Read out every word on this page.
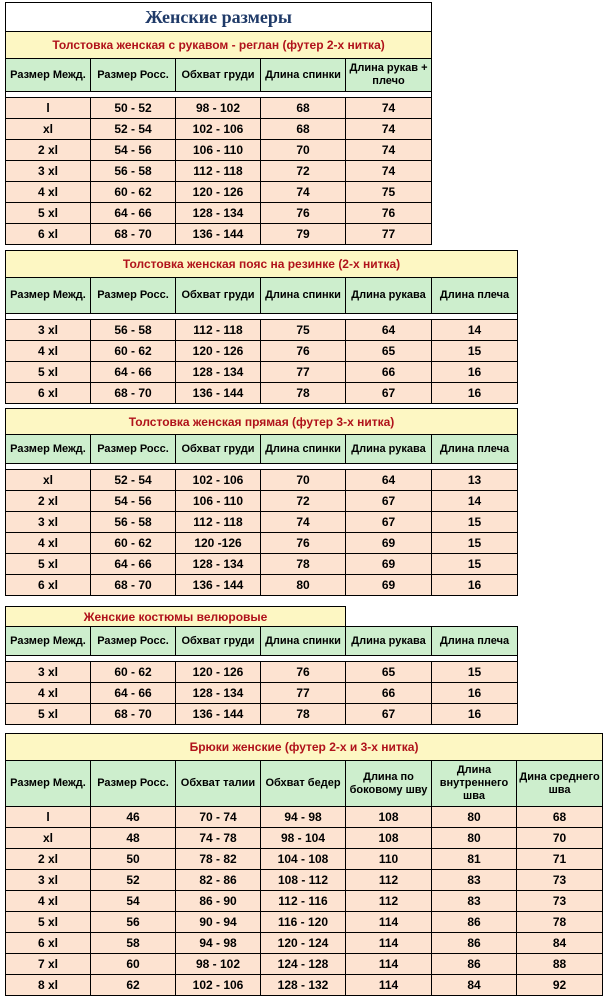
Женские размеры				
Толстовка женская с рукавом - реглан (футер 2-х нитка)				
Размер Межд.	Размер Росс.	Обхват груди	Длина спинки	Длина рукав + плечо

l	50 - 52	98 - 102	68	74
xl	52 - 54	102 - 106	68	74
2 xl	54 - 56	106 - 110	70	74
3 xl	56 - 58	112 - 118	72	74
4 xl	60 - 62	120 - 126	74	75
5 xl	64 - 66	128 - 134	76	76
6 xl	68 - 70	136 - 144	79	77
Толстовка женская пояс на резинке (2-х нитка)					
Размер Межд.	Размер Росс.	Обхват груди	Длина спинки	Длина рукава	Длина плеча

3 xl	56 - 58	112 - 118	75	64	14
4 xl	60 - 62	120 - 126	76	65	15
5 xl	64 - 66	128 - 134	77	66	16
6 xl	68 - 70	136 - 144	78	67	16
Толстовка женская прямая (футер 3-х нитка)					
Размер Межд.	Размер Росс.	Обхват груди	Длина спинки	Длина рукава	Длина плеча

xl	52 - 54	102 - 106	70	64	13
2 xl	54 - 56	106 - 110	72	67	14
3 xl	56 - 58	112 - 118	74	67	15
4 xl	60 - 62	120 -126	76	69	15
5 xl	64 - 66	128 - 134	78	69	15
6 xl	68 - 70	136 - 144	80	69	16
Женские костюмы велюровые					
Размер Межд.	Размер Росс.	Обхват груди	Длина спинки	Длина рукава	Длина плеча

3 xl	60 - 62	120 - 126	76	65	15
4 xl	64 - 66	128 - 134	77	66	16
5 xl	68 - 70	136 - 144	78	67	16
Брюки женские (футер 2-х и 3-х нитка)						
Размер Межд.	Размер Росс.	Обхват талии	Обхват бедер	Длина по боковому шву	Длина внутреннего шва	Дина среднего шва
l	46	70 - 74	94 - 98	108	80	68
xl	48	74 - 78	98 - 104	108	80	70
2 xl	50	78 - 82	104 - 108	110	81	71
3 xl	52	82 - 86	108 - 112	112	83	73
4 xl	54	86 - 90	112 - 116	112	83	73
5 xl	56	90 - 94	116 - 120	114	86	78
6 xl	58	94 - 98	120 - 124	114	86	84
7 xl	60	98 - 102	124 - 128	114	86	88
8 xl	62	102 - 106	128 - 132	114	84	92
